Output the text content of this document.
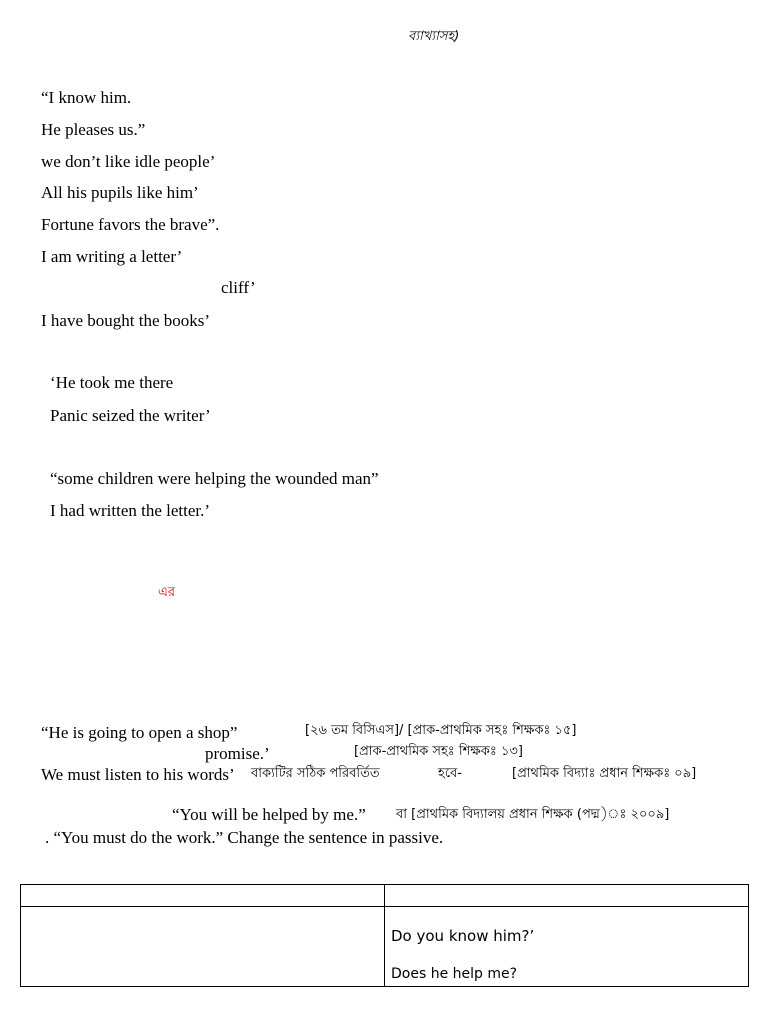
ব্যাখ্যাসহ)
“I know him.
He pleases us.”
we don’t like idle people’
All his pupils like him’
Fortune favors the brave”.
I am writing a letter’
cliff’
I have bought the books’
‘He took me there
Panic seized the writer’
“some children were helping the wounded man”
I had written the letter.’
এর
“He is going to open a shop”	[২৬ তম বিসিএস]/ [প্রাক-প্রাথমিক সহঃ শিক্ষকঃ ১৫]
promise.’	[প্রাক-প্রাথমিক সহঃ শিক্ষকঃ ১৩]
We must listen to his words’ বাক্যটির সঠিক পরিবর্তিত	হবে-	[প্রাথমিক বিদ্যাঃ প্রধান শিক্ষকঃ ০৯]
“You will be helped by me.” বা [প্রাথমিক বিদ্যালয় প্রধান শিক্ষক (পদ্ম)ঃ ২০০৯]
. “You must do the work.” Change the sentence in passive.

	Do you know him?’
Does he help me?
